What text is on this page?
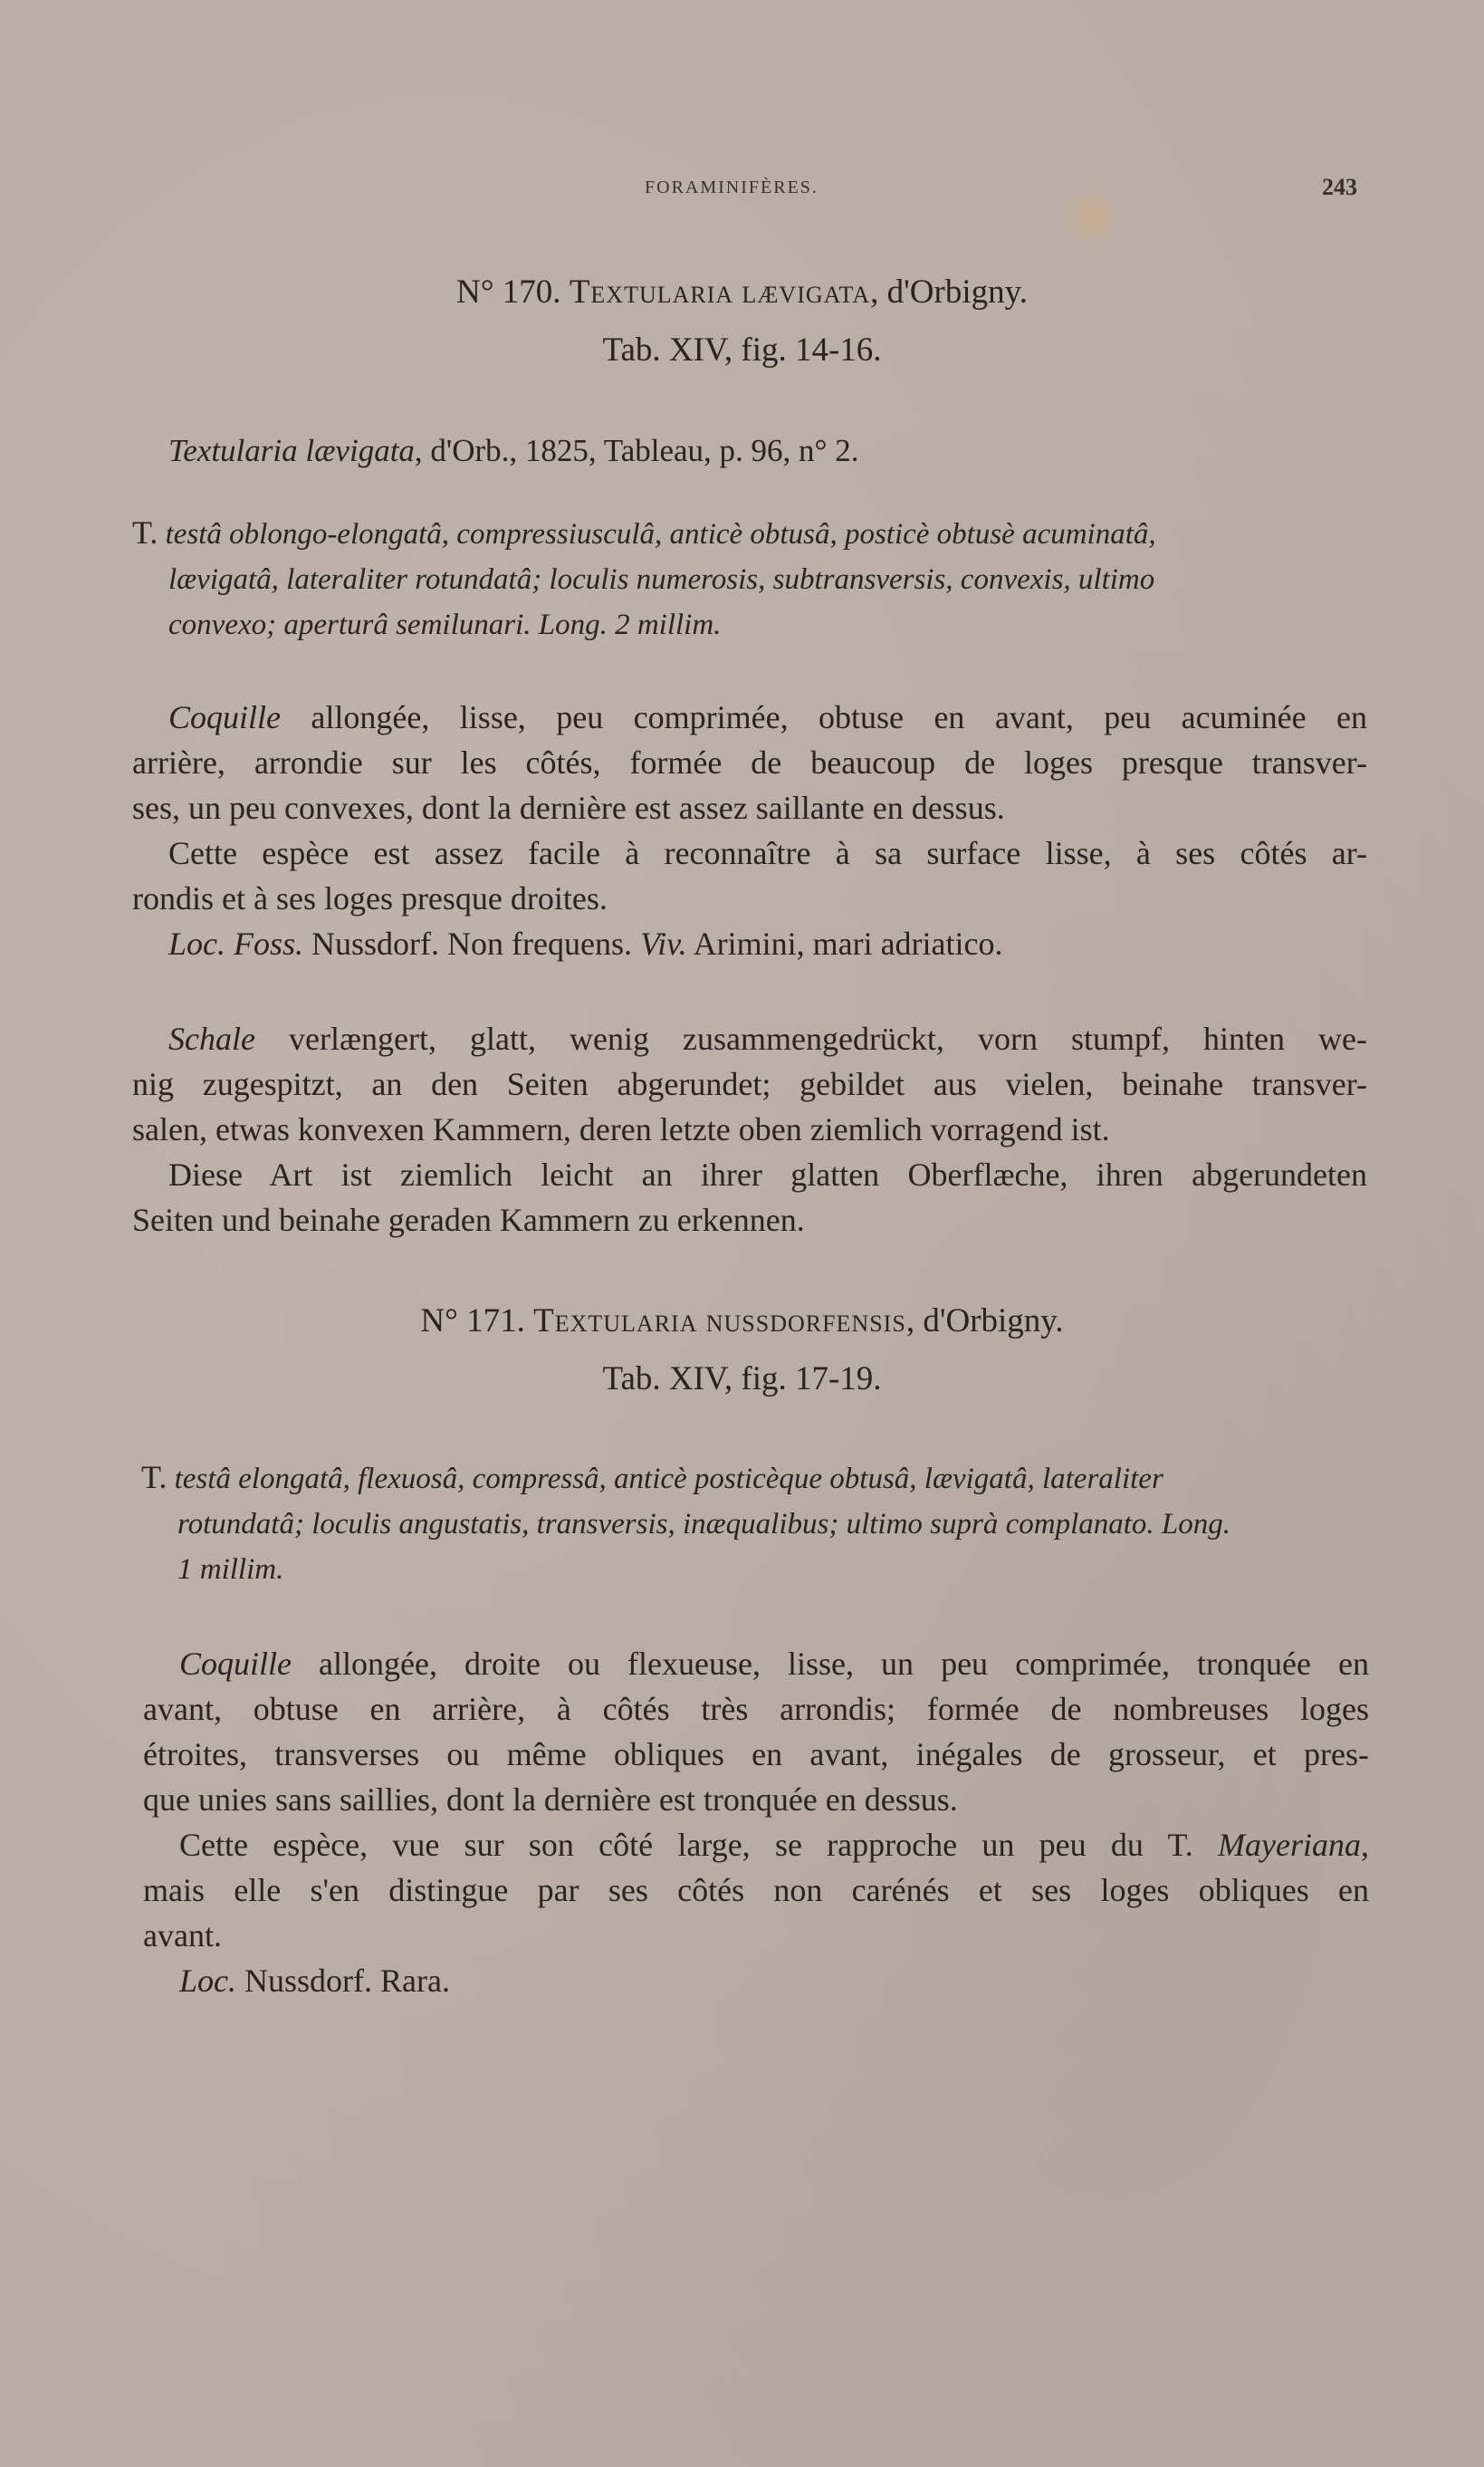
FORAMINIFÈRES.	243
N° 170. Textularia lævigata, d'Orbigny.
Tab. XIV, fig. 14-16.
Textularia lævigata, d'Orb., 1825, Tableau, p. 96, n° 2.
T. testâ oblongo-elongatâ, compressiusculâ, anticè obtusâ, posticè obtusè acuminatâ,
lævigatâ, lateraliter rotundatâ; loculis numerosis, subtransversis, convexis, ultimo
convexo; aperturâ semilunari. Long. 2 millim.
Coquille allongée, lisse, peu comprimée, obtuse en avant, peu acuminée en
arrière, arrondie sur les côtés, formée de beaucoup de loges presque transver-
ses, un peu convexes, dont la dernière est assez saillante en dessus.
Cette espèce est assez facile à reconnaître à sa surface lisse, à ses côtés ar-
rondis et à ses loges presque droites.
Loc. Foss. Nussdorf. Non frequens. Viv. Arimini, mari adriatico.
Schale verlængert, glatt, wenig zusammengedrückt, vorn stumpf, hinten we-
nig zugespitzt, an den Seiten abgerundet; gebildet aus vielen, beinahe transver-
salen, etwas konvexen Kammern, deren letzte oben ziemlich vorragend ist.
Diese Art ist ziemlich leicht an ihrer glatten Oberflæche, ihren abgerundeten
Seiten und beinahe geraden Kammern zu erkennen.
N° 171. Textularia nussdorfensis, d'Orbigny.
Tab. XIV, fig. 17-19.
T. testâ elongatâ, flexuosâ, compressâ, anticè posticèque obtusâ, lævigatâ, lateraliter
rotundatâ; loculis angustatis, transversis, inæqualibus; ultimo suprà complanato. Long.
1 millim.
Coquille allongée, droite ou flexueuse, lisse, un peu comprimée, tronquée en
avant, obtuse en arrière, à côtés très arrondis; formée de nombreuses loges
étroites, transverses ou même obliques en avant, inégales de grosseur, et pres-
que unies sans saillies, dont la dernière est tronquée en dessus.
Cette espèce, vue sur son côté large, se rapproche un peu du T. Mayeriana,
mais elle s'en distingue par ses côtés non carénés et ses loges obliques en
avant.
Loc. Nussdorf. Rara.
